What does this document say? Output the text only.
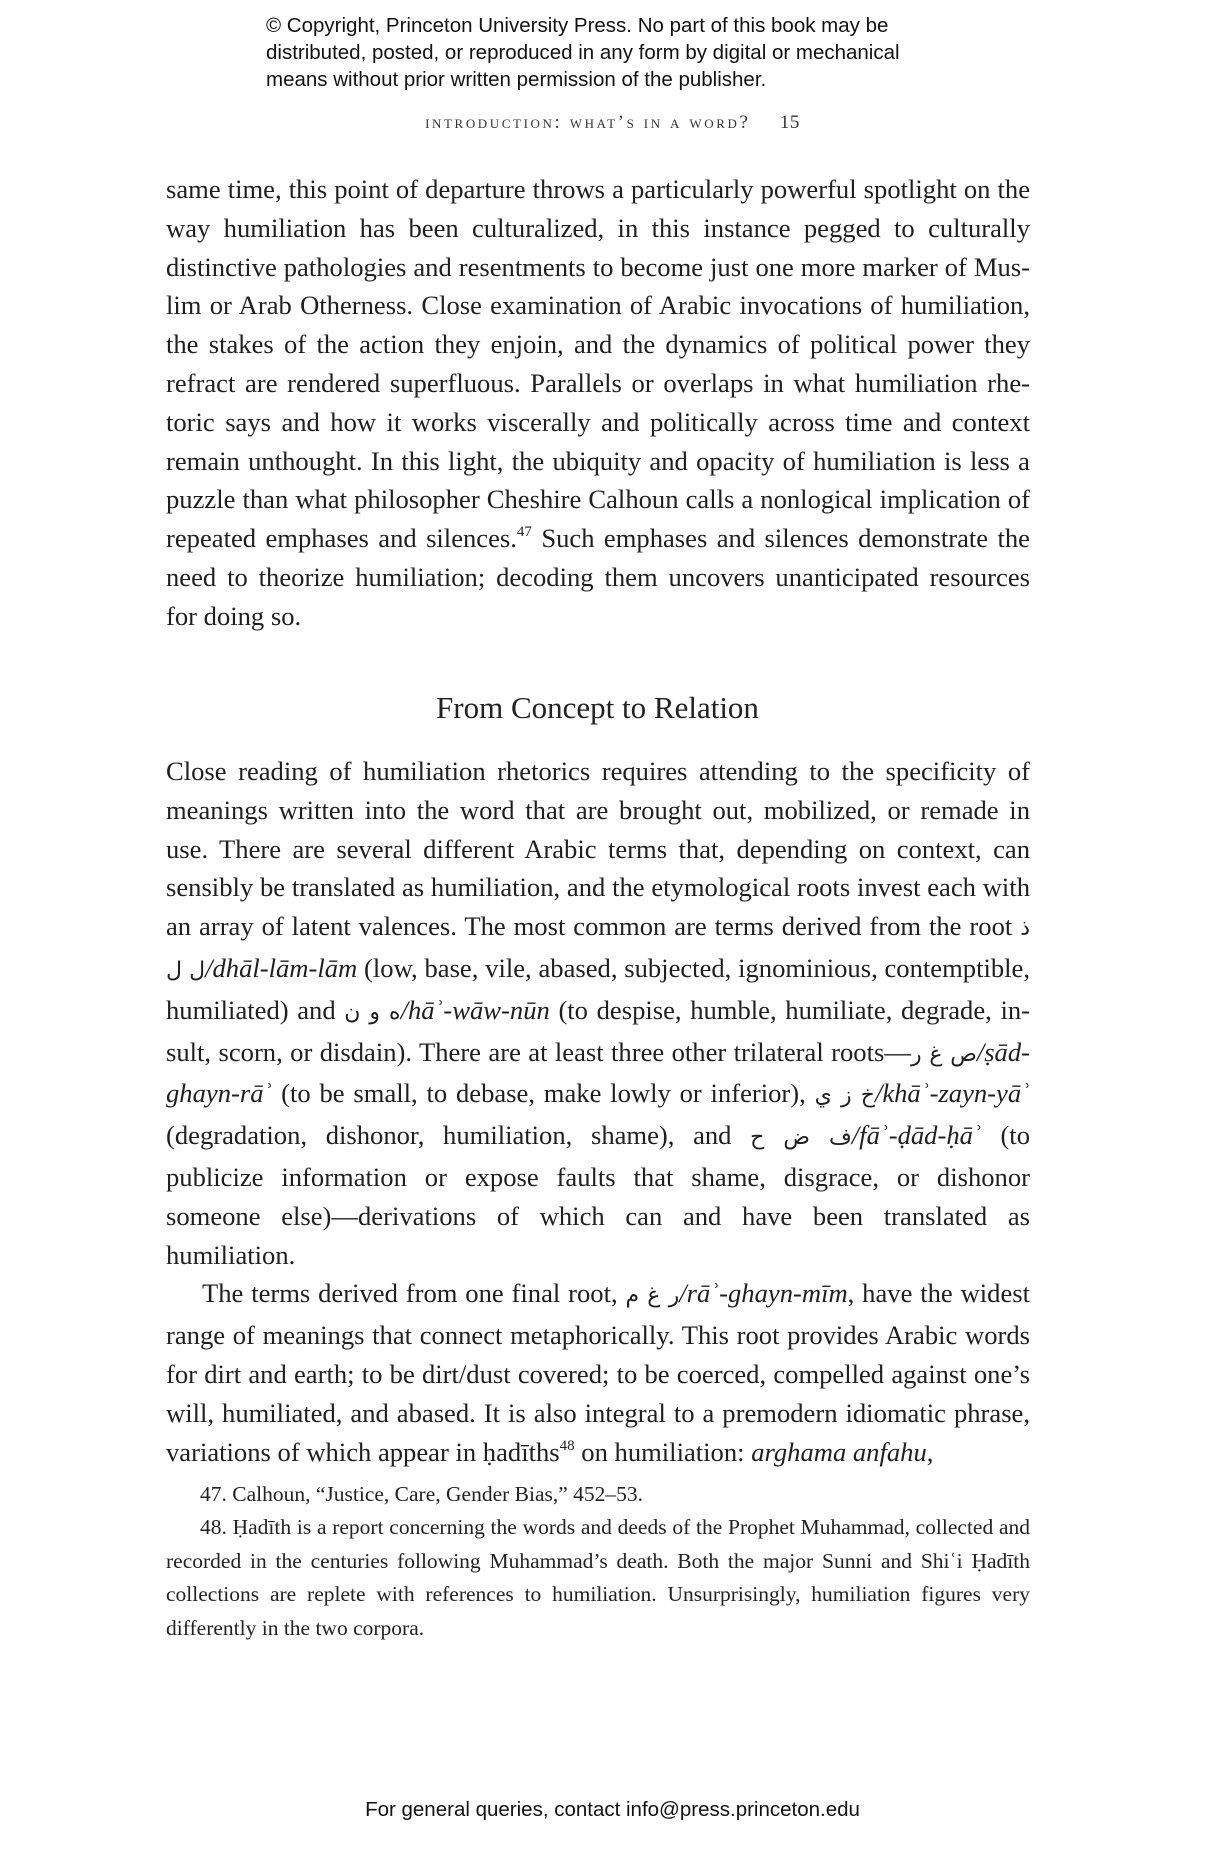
© Copyright, Princeton University Press. No part of this book may be
distributed, posted, or reproduced in any form by digital or mechanical
means without prior written permission of the publisher.
introduction: what’s in a word? 15

same time, this point of departure throws a particularly powerful spotlight on the way humiliation has been culturalized, in this instance pegged to culturally distinctive pathologies and resentments to become just one more marker of Muslim or Arab Otherness. Close examination of Arabic invocations of humiliation, the stakes of the action they enjoin, and the dynamics of political power they refract are rendered superfluous. Parallels or overlaps in what humiliation rhetoric says and how it works viscerally and politically across time and context remain unthought. In this light, the ubiquity and opacity of humiliation is less a puzzle than what philosopher Cheshire Calhoun calls a nonlogical implication of repeated emphases and silences.$^{47}$ Such emphases and silences demonstrate the need to theorize humiliation; decoding them uncovers unanticipated resources for doing so.

From Concept to Relation

Close reading of humiliation rhetorics requires attending to the specificity of meanings written into the word that are brought out, mobilized, or remade in use. There are several different Arabic terms that, depending on context, can sensibly be translated as humiliation, and the etymological roots invest each with an array of latent valences. The most common are terms derived from the root ذ ل ل/dhāl-lām-lām (low, base, vile, abased, subjected, ignominious, contemptible, humiliated) and ه و ن/hāʾ-wāw-nūn (to despise, humble, humiliate, degrade, insult, scorn, or disdain). There are at least three other trilateral roots—ص غ ر/ṣād-ghayn-rāʾ (to be small, to debase, make lowly or inferior), خ ز ي/khāʾ-zayn-yāʾ (degradation, dishonor, humiliation, shame), and ف ض ح/fāʾ-ḍād-ḥāʾ (to publicize information or expose faults that shame, disgrace, or dishonor someone else)—derivations of which can and have been translated as humiliation.

The terms derived from one final root, ر غ م/rāʾ-ghayn-mīm, have the widest range of meanings that connect metaphorically. This root provides Arabic words for dirt and earth; to be dirt/dust covered; to be coerced, compelled against one’s will, humiliated, and abased. It is also integral to a premodern idiomatic phrase, variations of which appear in ḥadīths$^{48}$ on humiliation: arghama anfahu,

47. Calhoun, “Justice, Care, Gender Bias,” 452–53.

48. Ḥadīth is a report concerning the words and deeds of the Prophet Muhammad, collected and recorded in the centuries following Muhammad’s death. Both the major Sunni and Shiʿi Ḥadīth collections are replete with references to humiliation. Unsurprisingly, humiliation figures very differently in the two corpora.

For general queries, contact info@press.princeton.edu
